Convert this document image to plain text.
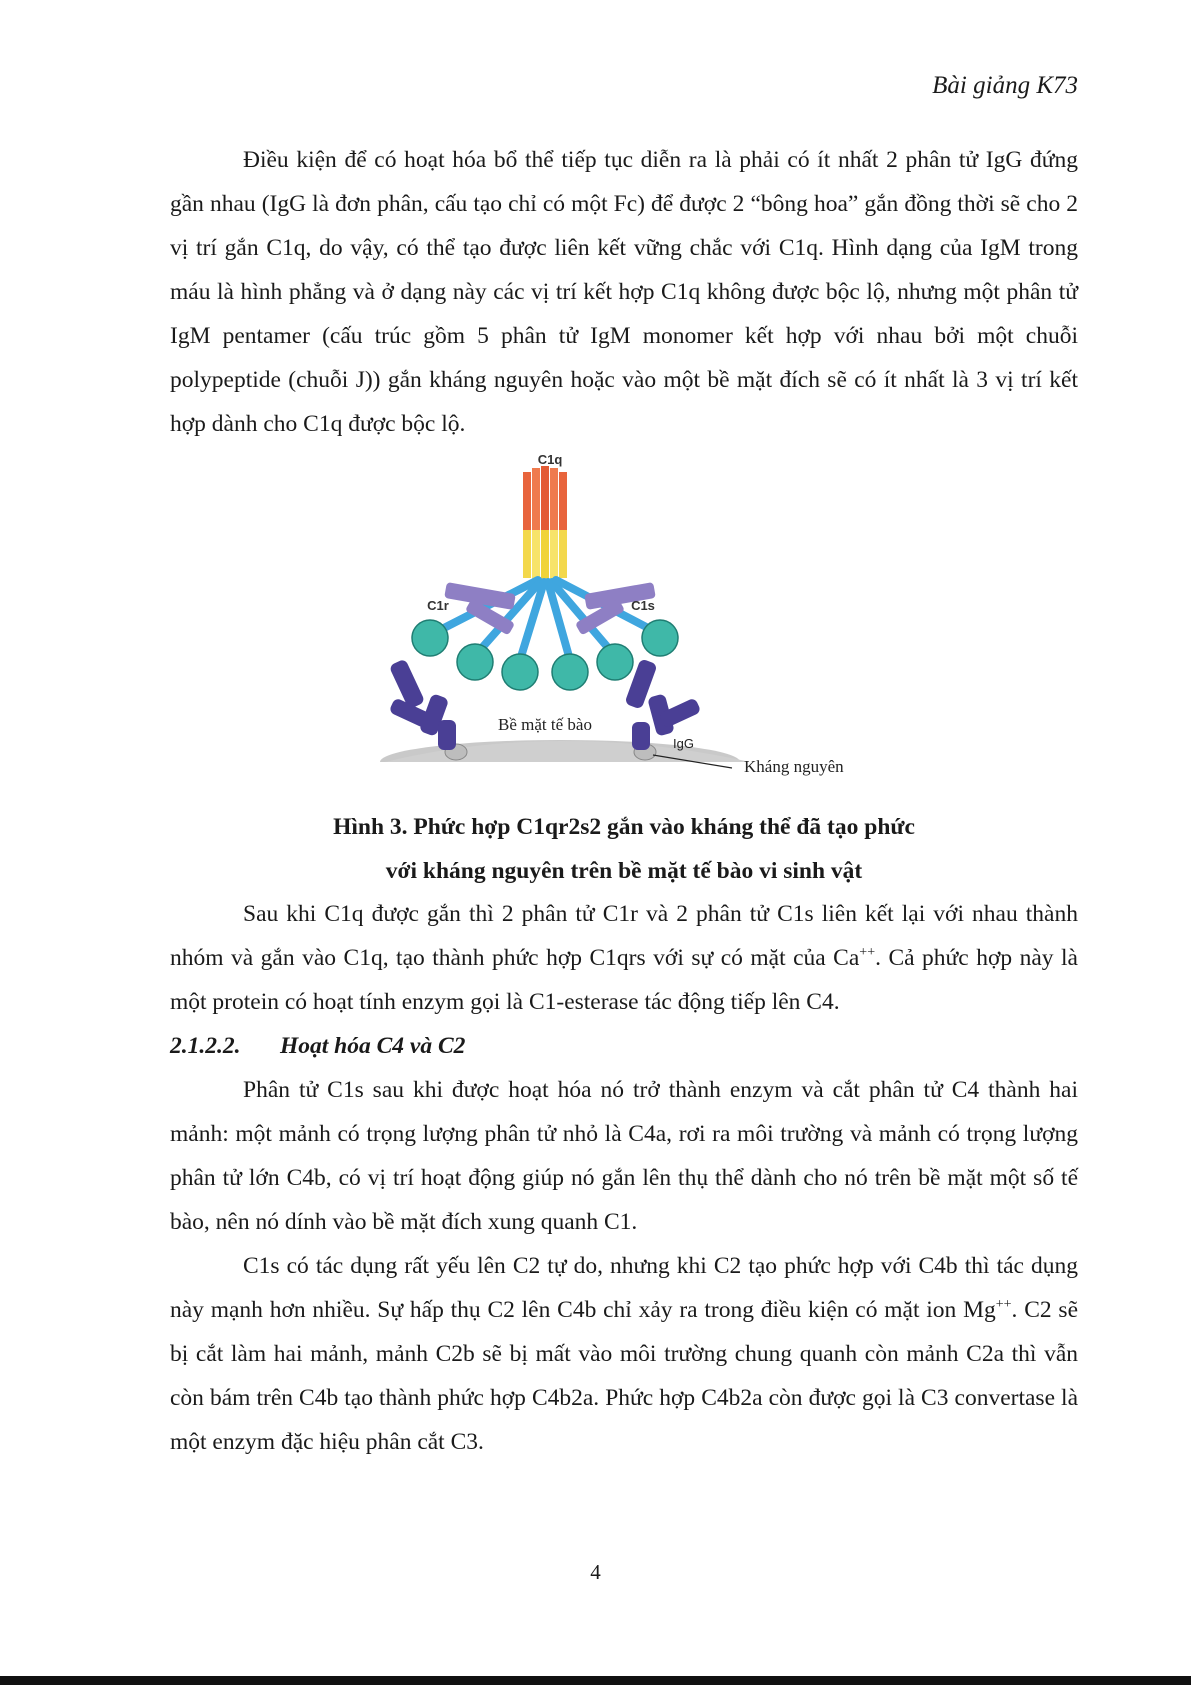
Bài giảng K73

Điều kiện để có hoạt hóa bổ thể tiếp tục diễn ra là phải có ít nhất 2 phân tử IgG đứng gần nhau (IgG là đơn phân, cấu tạo chỉ có một Fc) để được 2 “bông hoa” gắn đồng thời sẽ cho 2 vị trí gắn C1q, do vậy, có thể tạo được liên kết vững chắc với C1q. Hình dạng của IgM trong máu là hình phẳng và ở dạng này các vị trí kết hợp C1q không được bộc lộ, nhưng một phân tử IgM pentamer (cấu trúc gồm 5 phân tử IgM monomer kết hợp với nhau bởi một chuỗi polypeptide (chuỗi J)) gắn kháng nguyên hoặc vào một bề mặt đích sẽ có ít nhất là 3 vị trí kết hợp dành cho C1q được bộc lộ.

C1q
C1r	C1s
Bề mặt tế bào
IgG
Kháng nguyên
Hình 3. Phức hợp C1qr2s2 gắn vào kháng thể đã tạo phức
với kháng nguyên trên bề mặt tế bào vi sinh vật

Sau khi C1q được gắn thì 2 phân tử C1r và 2 phân tử C1s liên kết lại với nhau thành nhóm và gắn vào C1q, tạo thành phức hợp C1qrs với sự có mặt của Ca++. Cả phức hợp này là một protein có hoạt tính enzym gọi là C1-esterase tác động tiếp lên C4.

2.1.2.2. Hoạt hóa C4 và C2

Phân tử C1s sau khi được hoạt hóa nó trở thành enzym và cắt phân tử C4 thành hai mảnh: một mảnh có trọng lượng phân tử nhỏ là C4a, rơi ra môi trường và mảnh có trọng lượng phân tử lớn C4b, có vị trí hoạt động giúp nó gắn lên thụ thể dành cho nó trên bề mặt một số tế bào, nên nó dính vào bề mặt đích xung quanh C1.

C1s có tác dụng rất yếu lên C2 tự do, nhưng khi C2 tạo phức hợp với C4b thì tác dụng này mạnh hơn nhiều. Sự hấp thụ C2 lên C4b chỉ xảy ra trong điều kiện có mặt ion Mg++. C2 sẽ bị cắt làm hai mảnh, mảnh C2b sẽ bị mất vào môi trường chung quanh còn mảnh C2a thì vẫn còn bám trên C4b tạo thành phức hợp C4b2a. Phức hợp C4b2a còn được gọi là C3 convertase là một enzym đặc hiệu phân cắt C3.

4
